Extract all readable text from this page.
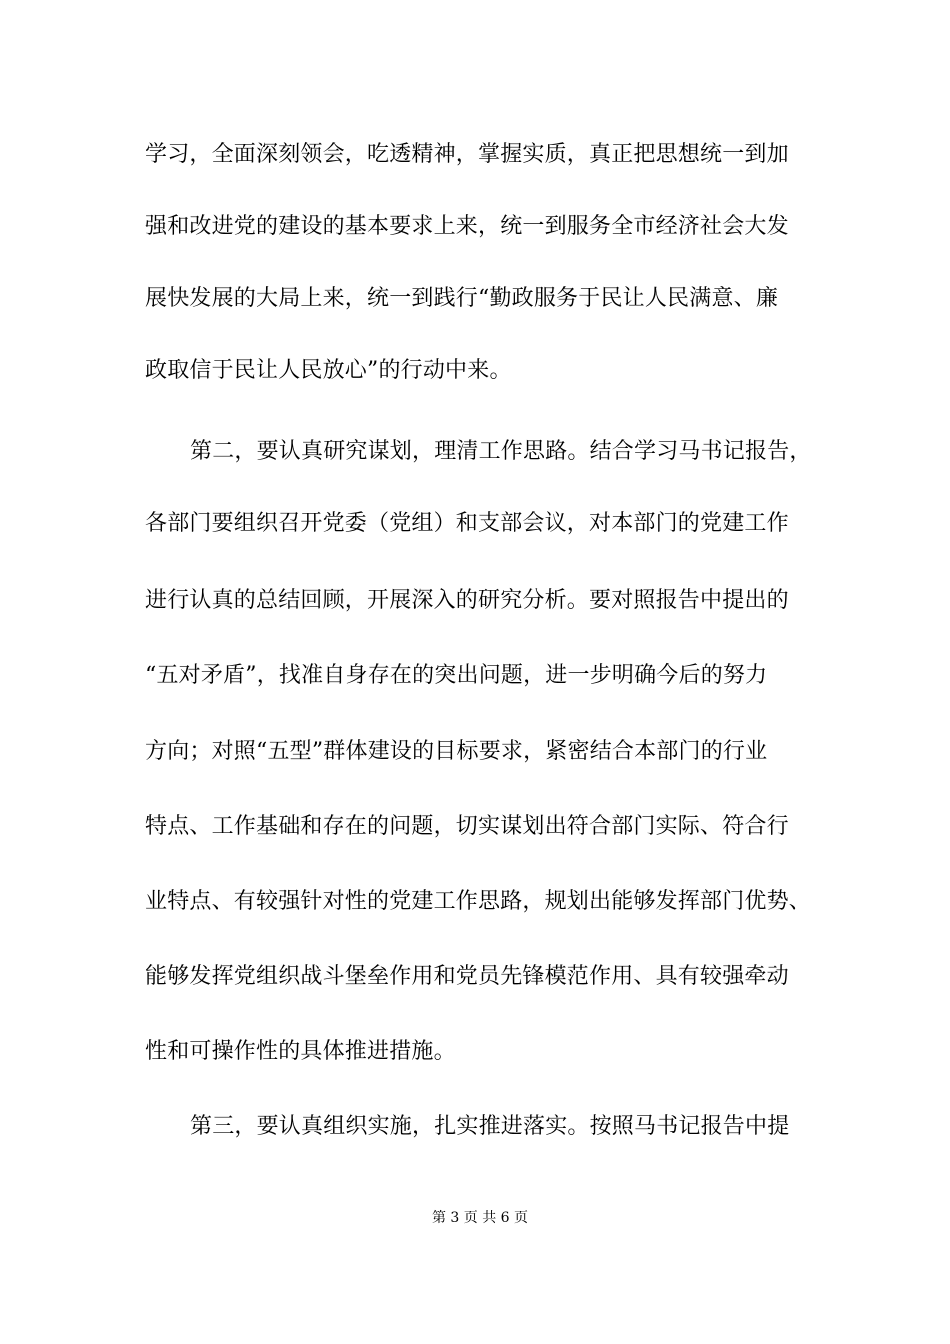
学习，全面深刻领会，吃透精神，掌握实质，真正把思想统一到加
强和改进党的建设的基本要求上来，统一到服务全市经济社会大发
展快发展的大局上来，统一到践行“勤政服务于民让人民满意、廉
政取信于民让人民放心”的行动中来。
第二，要认真研究谋划，理清工作思路。结合学习马书记报告，
各部门要组织召开党委（党组）和支部会议，对本部门的党建工作
进行认真的总结回顾，开展深入的研究分析。要对照报告中提出的
“五对矛盾”，找准自身存在的突出问题，进一步明确今后的努力
方向；对照“五型”群体建设的目标要求，紧密结合本部门的行业
特点、工作基础和存在的问题，切实谋划出符合部门实际、符合行
业特点、有较强针对性的党建工作思路，规划出能够发挥部门优势、
能够发挥党组织战斗堡垒作用和党员先锋模范作用、具有较强牵动
性和可操作性的具体推进措施。
第三，要认真组织实施，扎实推进落实。按照马书记报告中提
第 3 页 共 6 页
